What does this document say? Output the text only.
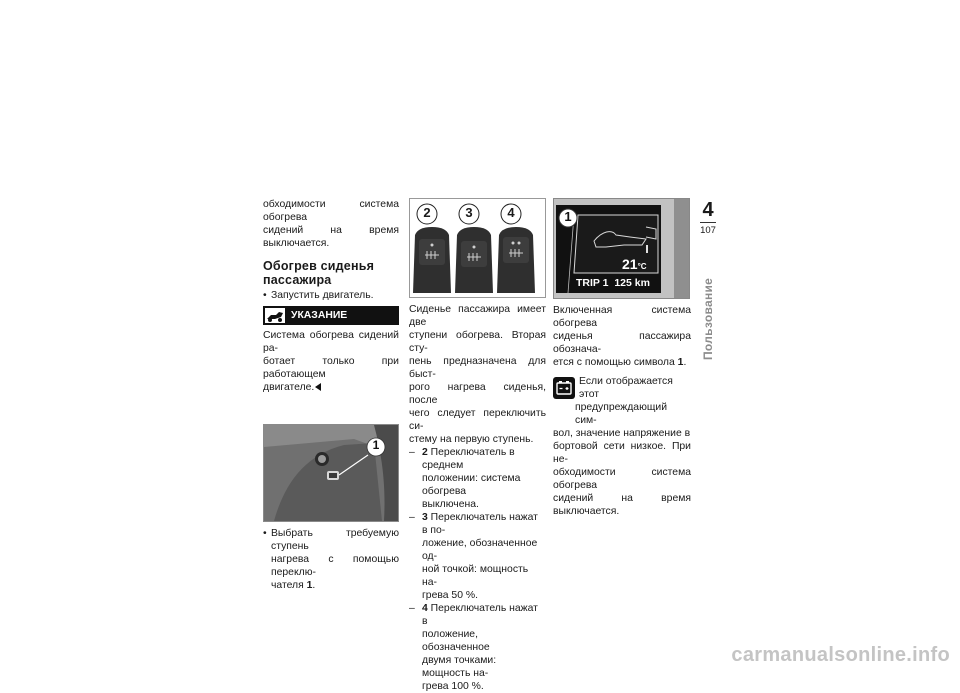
обходимости система обогрева
сидений на время выключается.

Обогрев сиденья
пассажира
• Запустить двигатель.
УКАЗАНИЕ

Система обогрева сидений ра-
ботает только при работающем
двигателе.

1
• Выбрать требуемую ступень
нагрева с помощью переклю-
чателя 1.
2	3	4

Сиденье пассажира имеет две
ступени обогрева. Вторая сту-
пень предназначена для быст-
рого нагрева сиденья, после
чего следует переключить си-
стему на первую ступень.

– 2 Переключатель в среднем
положении: система обогрева
выключена.
– 3 Переключатель нажат в по-
ложение, обозначенное од-
ной точкой: мощность на-
грева 50 %.
– 4 Переключатель нажат в
положение, обозначенное
двумя точками: мощность на-
грева 100 %.
1
21°C
TRIP 1 125 km

Включенная система обогрева
сиденья пассажира обознача-
ется с помощью символа 1.

Если отображается этот
предупреждающий сим-

вол, значение напряжение в
бортовой сети низкое. При не-
обходимости система обогрева
сидений на время выключается.

4
107
Пользование
carmanualsonline.info
